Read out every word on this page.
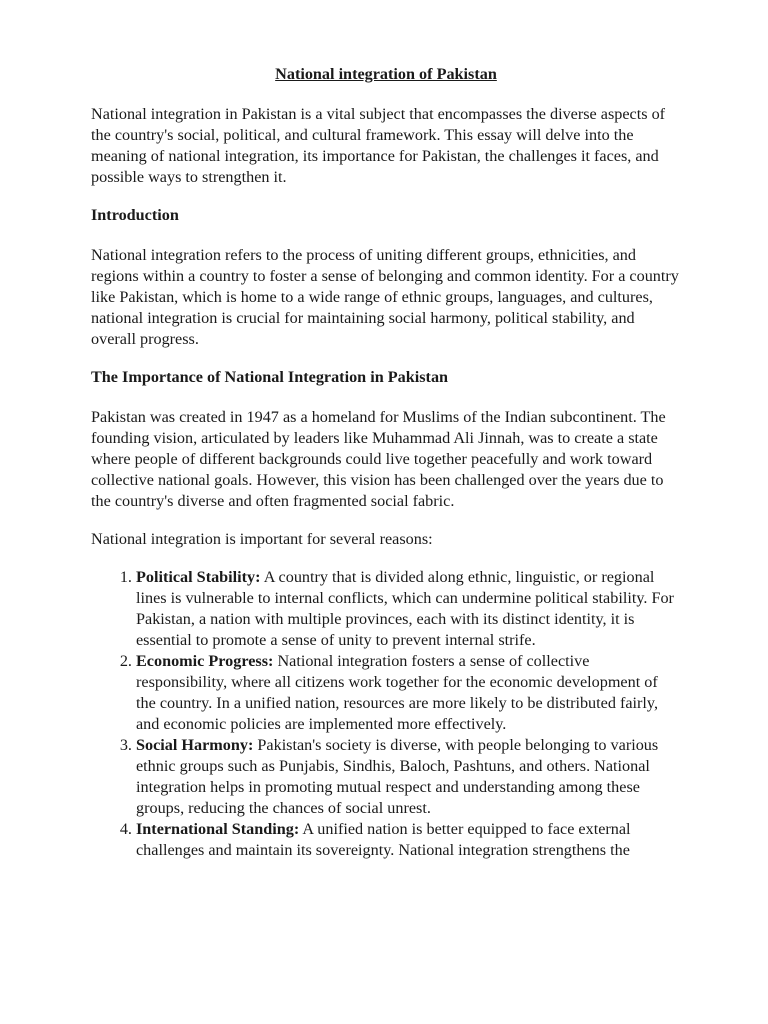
National integration of Pakistan

National integration in Pakistan is a vital subject that encompasses the diverse aspects of the country's social, political, and cultural framework. This essay will delve into the meaning of national integration, its importance for Pakistan, the challenges it faces, and possible ways to strengthen it.

Introduction

National integration refers to the process of uniting different groups, ethnicities, and regions within a country to foster a sense of belonging and common identity. For a country like Pakistan, which is home to a wide range of ethnic groups, languages, and cultures, national integration is crucial for maintaining social harmony, political stability, and overall progress.

The Importance of National Integration in Pakistan

Pakistan was created in 1947 as a homeland for Muslims of the Indian subcontinent. The founding vision, articulated by leaders like Muhammad Ali Jinnah, was to create a state where people of different backgrounds could live together peacefully and work toward collective national goals. However, this vision has been challenged over the years due to the country's diverse and often fragmented social fabric.

National integration is important for several reasons:

1. Political Stability: A country that is divided along ethnic, linguistic, or regional lines is vulnerable to internal conflicts, which can undermine political stability. For Pakistan, a nation with multiple provinces, each with its distinct identity, it is essential to promote a sense of unity to prevent internal strife.
2. Economic Progress: National integration fosters a sense of collective responsibility, where all citizens work together for the economic development of the country. In a unified nation, resources are more likely to be distributed fairly, and economic policies are implemented more effectively.
3. Social Harmony: Pakistan's society is diverse, with people belonging to various ethnic groups such as Punjabis, Sindhis, Baloch, Pashtuns, and others. National integration helps in promoting mutual respect and understanding among these groups, reducing the chances of social unrest.
4. International Standing: A unified nation is better equipped to face external challenges and maintain its sovereignty. National integration strengthens the
